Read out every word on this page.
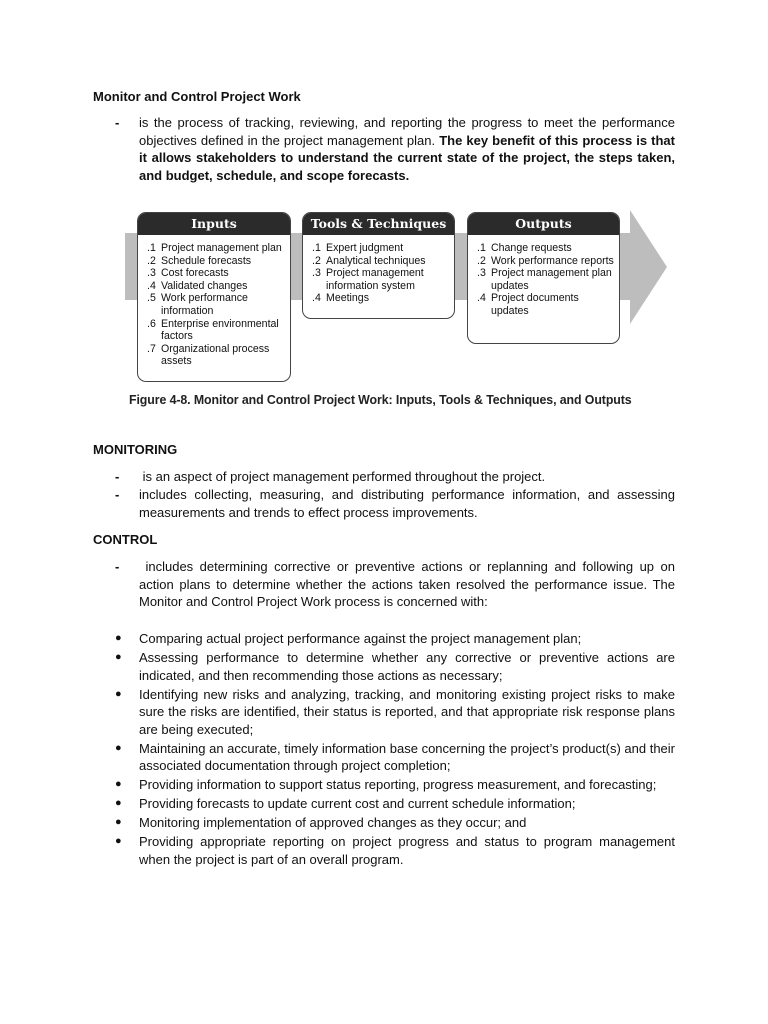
Monitor and Control Project Work
- is the process of tracking, reviewing, and reporting the progress to meet the performance objectives defined in the project management plan. The key benefit of this process is that it allows stakeholders to understand the current state of the project, the steps taken, and budget, schedule, and scope forecasts.
Inputs
.1 Project management plan
.2 Schedule forecasts
.3 Cost forecasts
.4 Validated changes
.5 Work performance information
.6 Enterprise environmental factors
.7 Organizational process assets
Tools & Techniques
.1 Expert judgment
.2 Analytical techniques
.3 Project management information system
.4 Meetings
Outputs
.1 Change requests
.2 Work performance reports
.3 Project management plan updates
.4 Project documents updates
Figure 4-8. Monitor and Control Project Work: Inputs, Tools & Techniques, and Outputs
MONITORING
- is an aspect of project management performed throughout the project.
- includes collecting, measuring, and distributing performance information, and assessing measurements and trends to effect process improvements.
CONTROL
- includes determining corrective or preventive actions or replanning and following up on action plans to determine whether the actions taken resolved the performance issue. The Monitor and Control Project Work process is concerned with:
● Comparing actual project performance against the project management plan;
● Assessing performance to determine whether any corrective or preventive actions are indicated, and then recommending those actions as necessary;
● Identifying new risks and analyzing, tracking, and monitoring existing project risks to make sure the risks are identified, their status is reported, and that appropriate risk response plans are being executed;
● Maintaining an accurate, timely information base concerning the project’s product(s) and their associated documentation through project completion;
● Providing information to support status reporting, progress measurement, and forecasting;
● Providing forecasts to update current cost and current schedule information;
● Monitoring implementation of approved changes as they occur; and
● Providing appropriate reporting on project progress and status to program management when the project is part of an overall program.
